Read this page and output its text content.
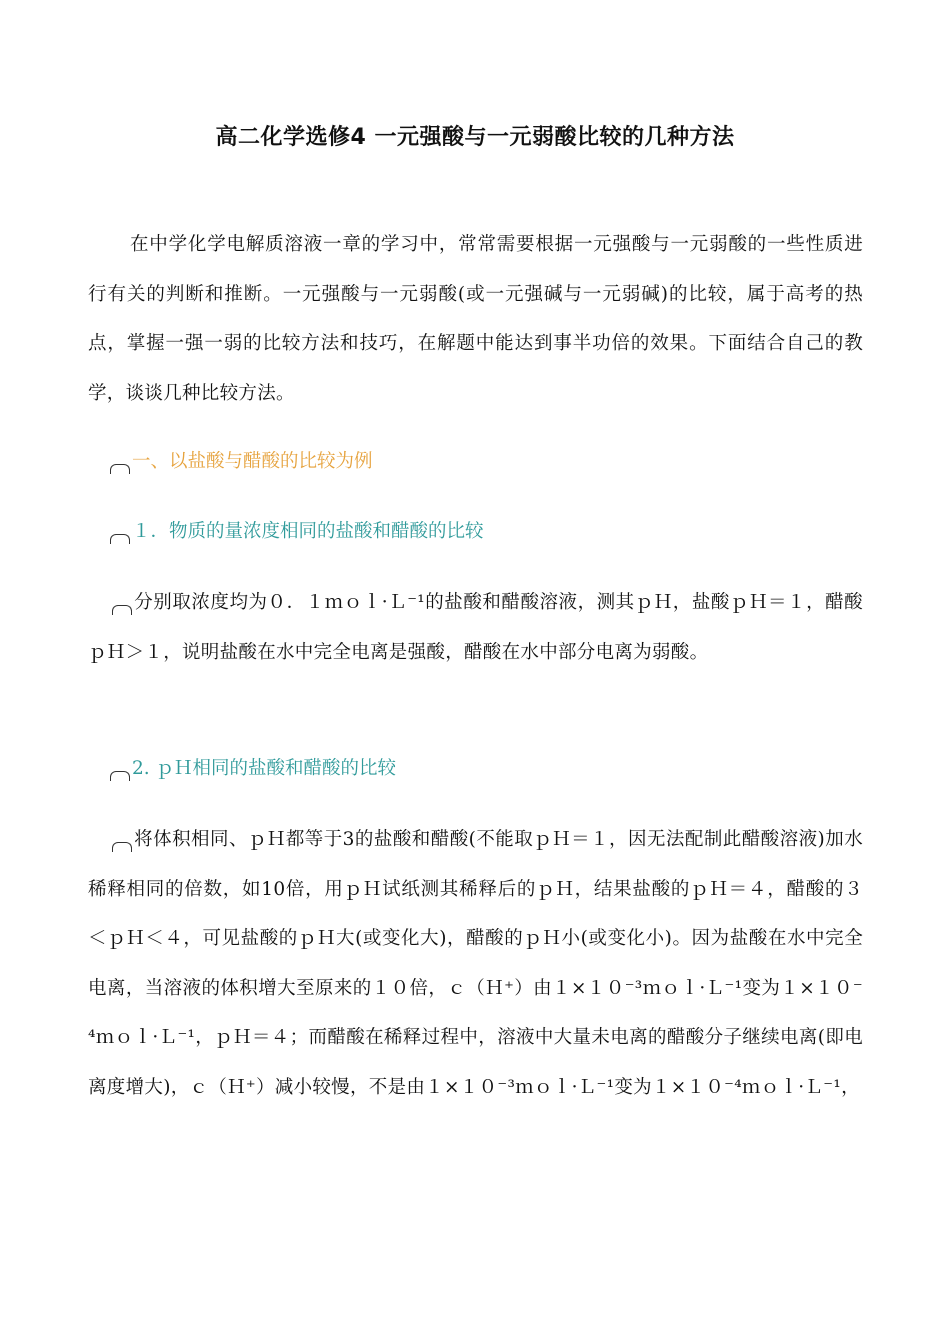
高二化学选修4 一元强酸与一元弱酸比较的几种方法
在中学化学电解质溶液一章的学习中，常常需要根据一元强酸与一元弱酸的一些性质进行有关的判断和推断。一元强酸与一元弱酸(或一元强碱与一元弱碱)的比较，属于高考的热点，掌握一强一弱的比较方法和技巧，在解题中能达到事半功倍的效果。下面结合自己的教学，谈谈几种比较方法。
一、以盐酸与醋酸的比较为例
１．物质的量浓度相同的盐酸和醋酸的比较
分别取浓度均为０．１ｍｏｌ·Ｌ⁻¹的盐酸和醋酸溶液，测其ｐＨ，盐酸ｐＨ＝１，醋酸ｐＨ＞１，说明盐酸在水中完全电离是强酸，醋酸在水中部分电离为弱酸。
2. ｐＨ相同的盐酸和醋酸的比较
将体积相同、ｐＨ都等于3的盐酸和醋酸(不能取ｐＨ＝１，因无法配制此醋酸溶液)加水稀释相同的倍数，如10倍，用ｐＨ试纸测其稀释后的ｐＨ，结果盐酸的ｐＨ＝４，醋酸的３＜ｐＨ＜４，可见盐酸的ｐＨ大(或变化大)，醋酸的ｐＨ小(或变化小)。因为盐酸在水中完全电离，当溶液的体积增大至原来的１０倍，ｃ（Ｈ⁺）由１×１０⁻³ｍｏｌ·Ｌ⁻¹变为１×１０⁻⁴ｍｏｌ·Ｌ⁻¹，ｐＨ＝４；而醋酸在稀释过程中，溶液中大量未电离的醋酸分子继续电离(即电离度增大)，ｃ（Ｈ⁺）减小较慢，不是由１×１０⁻³ｍｏｌ·Ｌ⁻¹变为１×１０⁻⁴ｍｏｌ·Ｌ⁻¹，
